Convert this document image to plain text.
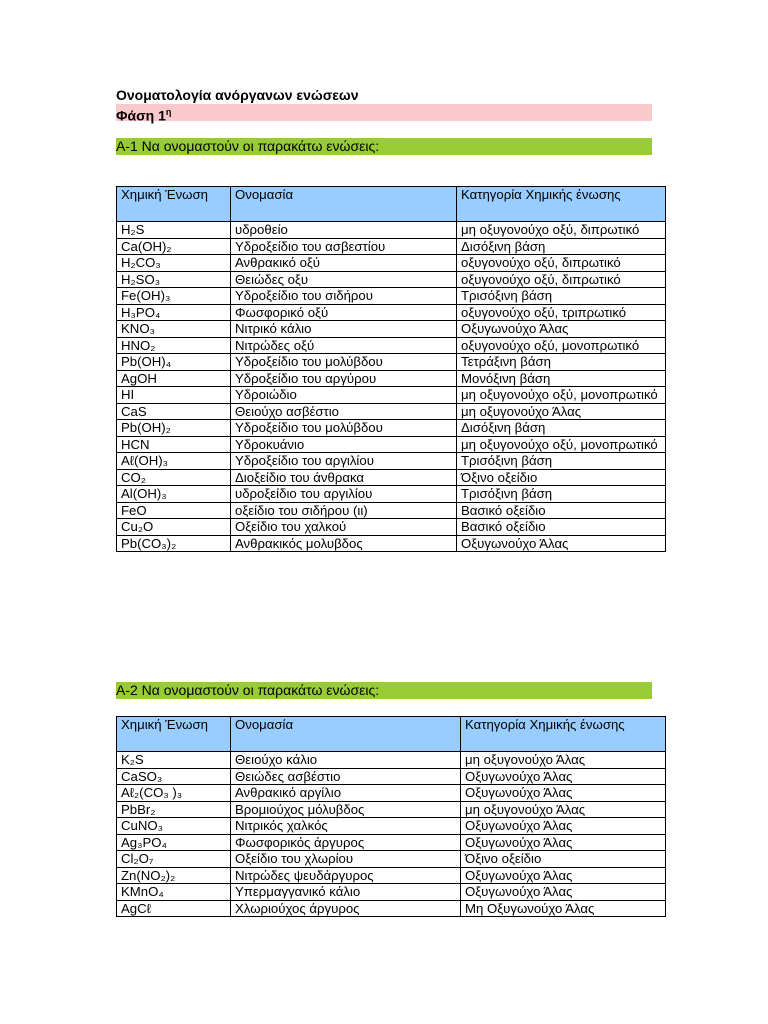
Ονοματολογία ανόργανων ενώσεων
Φάση $1^\eta$
Α-1 Να ονομαστούν οι παρακάτω ενώσεις:
Χημική Ένωση	Ονομασία	Κατηγορία Χημικής ένωσης
H₂S	υδροθείο	μη οξυγονούχο οξύ, διπρωτικό
Ca(OH)₂	Υδροξείδιο του ασβεστίου	Δισόξινη βάση
H₂CO₃	Ανθρακικό οξύ	οξυγονούχο οξύ, διπρωτικό
H₂SO₃	Θειώδες οξυ	οξυγονούχο οξύ, διπρωτικό
Fe(OH)₃	Υδροξείδιο του σιδήρου	Τρισόξινη βάση
H₃PO₄	Φωσφορικό οξύ	οξυγονούχο οξύ, τριπρωτικό
KNO₃	Νιτρικό κάλιο	Οξυγωνούχο Άλας
HNO₂	Νιτρώδες οξύ	οξυγονούχο οξύ, μονοπρωτικό
Pb(OH)₄	Υδροξείδιο του μολύβδου	Τετράξινη βάση
AgOH	Υδροξείδιο του αργύρου	Μονόξινη βάση
HI	Υδροιώδιο	μη οξυγονούχο οξύ, μονοπρωτικό
CaS	Θειούχο ασβέστιο	μη οξυγονούχο Άλας
Pb(OH)₂	Υδροξείδιο του μολύβδου	Δισόξινη βάση
HCN	Υδροκυάνιο	μη οξυγονούχο οξύ, μονοπρωτικό
Aℓ(OH)₃	Υδροξείδιο του αργιλίου	Τρισόξινη βάση
CO₂	Διοξείδιο του άνθρακα	Όξινο οξείδιο
Al(OH)₃	υδροξείδιο του αργιλίου	Τρισόξινη βάση
FeO	οξείδιο του σιδήρου (ιι)	Βασικό οξείδιο
Cu₂O	Οξείδιο του χαλκού	Βασικό οξείδιο
Pb(CO₃)₂	Ανθρακικός μολυβδος	Οξυγωνούχο Άλας
Α-2 Να ονομαστούν οι παρακάτω ενώσεις:
Χημική Ένωση	Ονομασία	Κατηγορία Χημικής ένωσης
K₂S	Θειούχο κάλιο	μη οξυγονούχο Άλας
CaSO₃	Θειώδες ασβέστιο	Οξυγωνούχο Άλας
Aℓ₂(CO₃ )₃	Ανθρακικό αργίλιο	Οξυγωνούχο Άλας
PbBr₂	Βρομιούχος μόλυβδος	μη οξυγονούχο Άλας
CuNO₃	Νιτρικός χαλκός	Οξυγωνούχο Άλας
Ag₃PO₄	Φωσφορικός άργυρος	Οξυγωνούχο Άλας
Cl₂O₇	Οξείδιο του χλωρίου	Όξινο οξείδιο
Zn(NO₂)₂	Νιτρώδες ψευδάργυρος	Οξυγωνούχο Άλας
KMnO₄	Υπερμαγγανικό κάλιο	Οξυγωνούχο Άλας
AgCℓ	Χλωριούχος άργυρος	Μη Οξυγωνούχο Άλας
